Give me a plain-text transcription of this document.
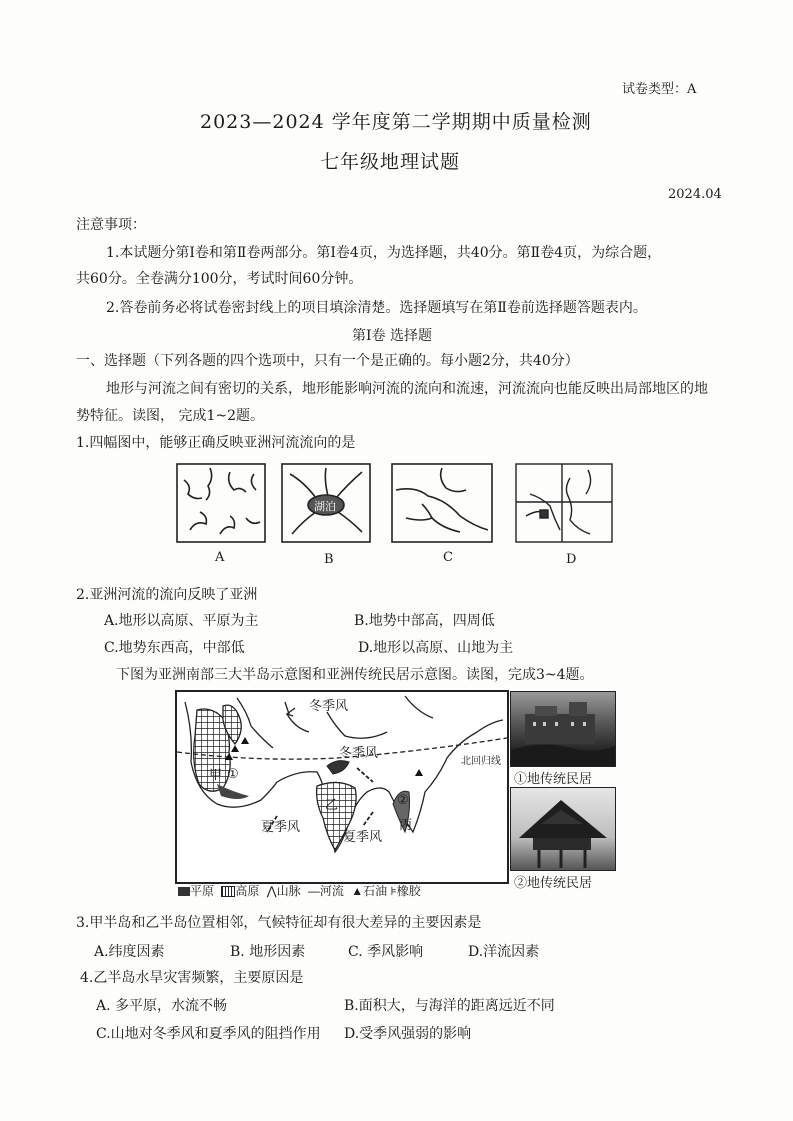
试卷类型：A
2023—2024 学年度第二学期期中质量检测
七年级地理试题
2024.04
注意事项：
1.本试题分第Ⅰ卷和第Ⅱ卷两部分。第Ⅰ卷4页，为选择题，共40分。第Ⅱ卷4页，为综合题，
共60分。全卷满分100分，考试时间60分钟。
2.答卷前务必将试卷密封线上的项目填涂清楚。选择题填写在第Ⅱ卷前选择题答题表内。
第Ⅰ卷 选择题
一、选择题（下列各题的四个选项中，只有一个是正确的。每小题2分，共40分）
地形与河流之间有密切的关系，地形能影响河流的流向和流速，河流流向也能反映出局部地区的地
势特征。读图， 完成1~2题。
1.四幅图中，能够正确反映亚洲河流流向的是
湖泊
A	B	C	D
2.亚洲河流的流向反映了亚洲
A.地形以高原、平原为主	B.地势中部高，四周低
C.地势东西高，中部低	D.地形以高原、山地为主
下图为亚洲南部三大半岛示意图和亚洲传统民居示意图。读图，完成3~4题。
冬季风
冬季风
夏季风
夏季风
北回归线
甲 ①
乙
丙
②
平原 高原 ⋀山脉 —河流 ▲石油 ⊧橡胶
①地传统民居
②地传统民居
3.甲半岛和乙半岛位置相邻，气候特征却有很大差异的主要因素是
A.纬度因素	B. 地形因素	C. 季风影响	D.洋流因素
4.乙半岛水旱灾害频繁，主要原因是
A. 多平原，水流不畅	B.面积大，与海洋的距离远近不同
C.山地对冬季风和夏季风的阻挡作用 D.受季风强弱的影响
